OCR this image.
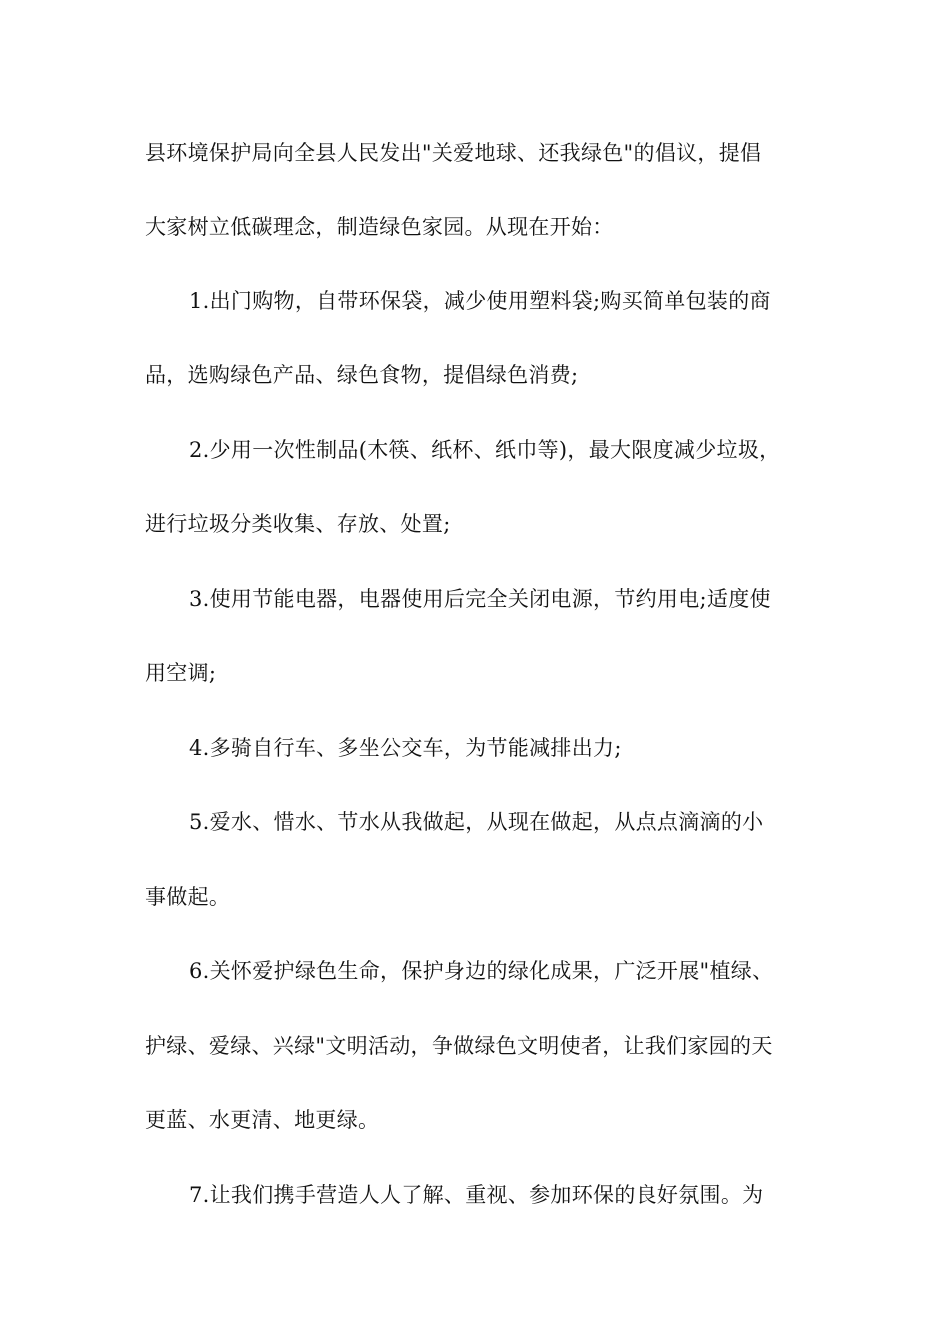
县环境保护局向全县人民发出"关爱地球、还我绿色"的倡议，提倡
大家树立低碳理念，制造绿色家园。从现在开始：
1.出门购物，自带环保袋，减少使用塑料袋;购买简单包装的商
品，选购绿色产品、绿色食物，提倡绿色消费;
2.少用一次性制品(木筷、纸杯、纸巾等)，最大限度减少垃圾，
进行垃圾分类收集、存放、处置;
3.使用节能电器，电器使用后完全关闭电源，节约用电;适度使
用空调;
4.多骑自行车、多坐公交车，为节能减排出力;
5.爱水、惜水、节水从我做起，从现在做起，从点点滴滴的小
事做起。
6.关怀爱护绿色生命，保护身边的绿化成果，广泛开展"植绿、
护绿、爱绿、兴绿"文明活动，争做绿色文明使者，让我们家园的天
更蓝、水更清、地更绿。
7.让我们携手营造人人了解、重视、参加环保的良好氛围。为
